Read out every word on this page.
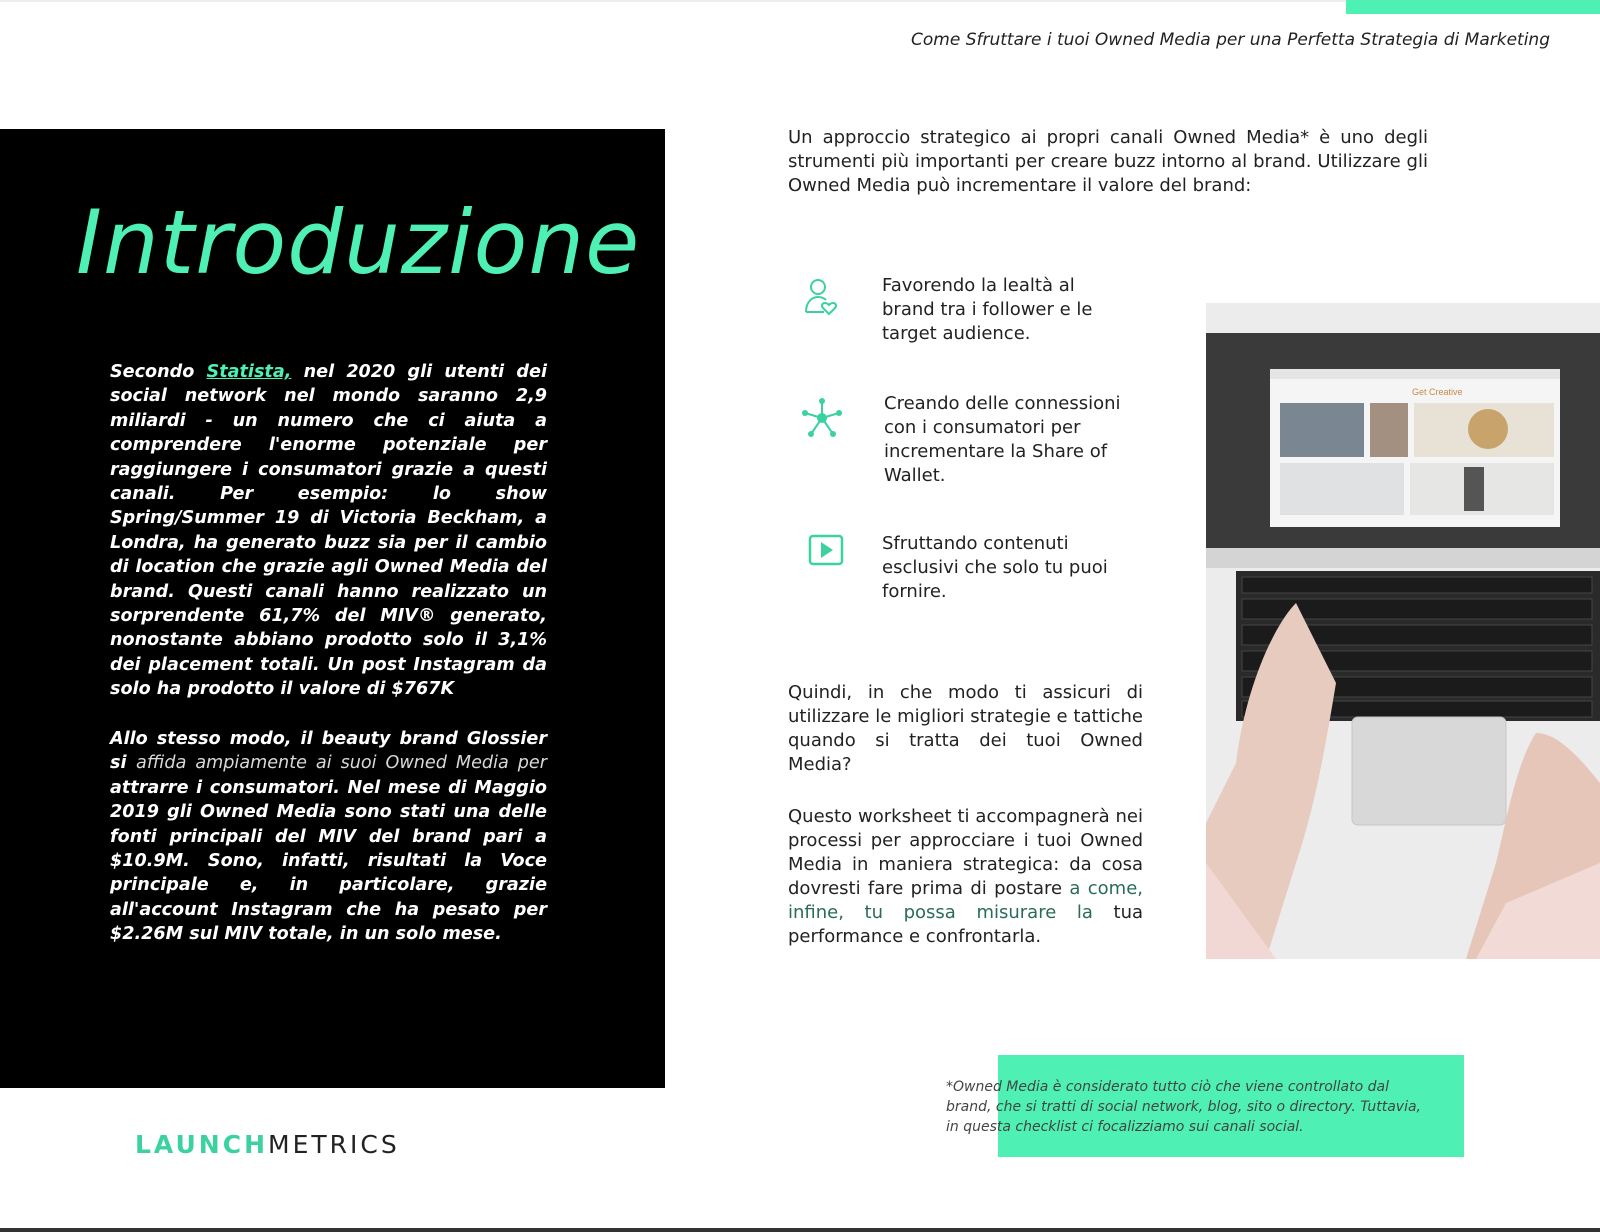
Come Sfruttare i tuoi Owned Media per una Perfetta Strategia di Marketing
Introduzione

Secondo Statista, nel 2020 gli utenti dei social network nel mondo saranno 2,9 miliardi - un numero che ci aiuta a comprendere l'enorme potenziale per raggiungere i consumatori grazie a questi canali. Per esempio: lo show Spring/Summer 19 di Victoria Beckham, a Londra, ha generato buzz sia per il cambio di location che grazie agli Owned Media del brand. Questi canali hanno realizzato un sorprendente 61,7% del MIV® generato, nonostante abbiano prodotto solo il 3,1% dei placement totali. Un post Instagram da solo ha prodotto il valore di $767K

Allo stesso modo, il beauty brand Glossier si affida ampiamente ai suoi Owned Media per attrarre i consumatori. Nel mese di Maggio 2019 gli Owned Media sono stati una delle fonti principali del MIV del brand pari a $10.9M. Sono, infatti, risultati la Voce principale e, in particolare, grazie all'account Instagram che ha pesato per $2.26M sul MIV totale, in un solo mese.

LAUNCHMETRICS

Un approccio strategico ai propri canali Owned Media* è uno degli strumenti più importanti per creare buzz intorno al brand. Utilizzare gli Owned Media può incrementare il valore del brand:

Favorendo la lealtà al brand tra i follower e le target audience.

Creando delle connessioni con i consumatori per incrementare la Share of Wallet.

Sfruttando contenuti esclusivi che solo tu puoi fornire.

Get Creative

Quindi, in che modo ti assicuri di utilizzare le migliori strategie e tattiche quando si tratta dei tuoi Owned Media?

Questo worksheet ti accompagnerà nei processi per approcciare i tuoi Owned Media in maniera strategica: da cosa dovresti fare prima di postare a come, infine, tu possa misurare la tua performance e confrontarla.

*Owned Media è considerato tutto ciò che viene controllato dal brand, che si tratti di social network, blog, sito o directory. Tuttavia, in questa checklist ci focalizziamo sui canali social.
